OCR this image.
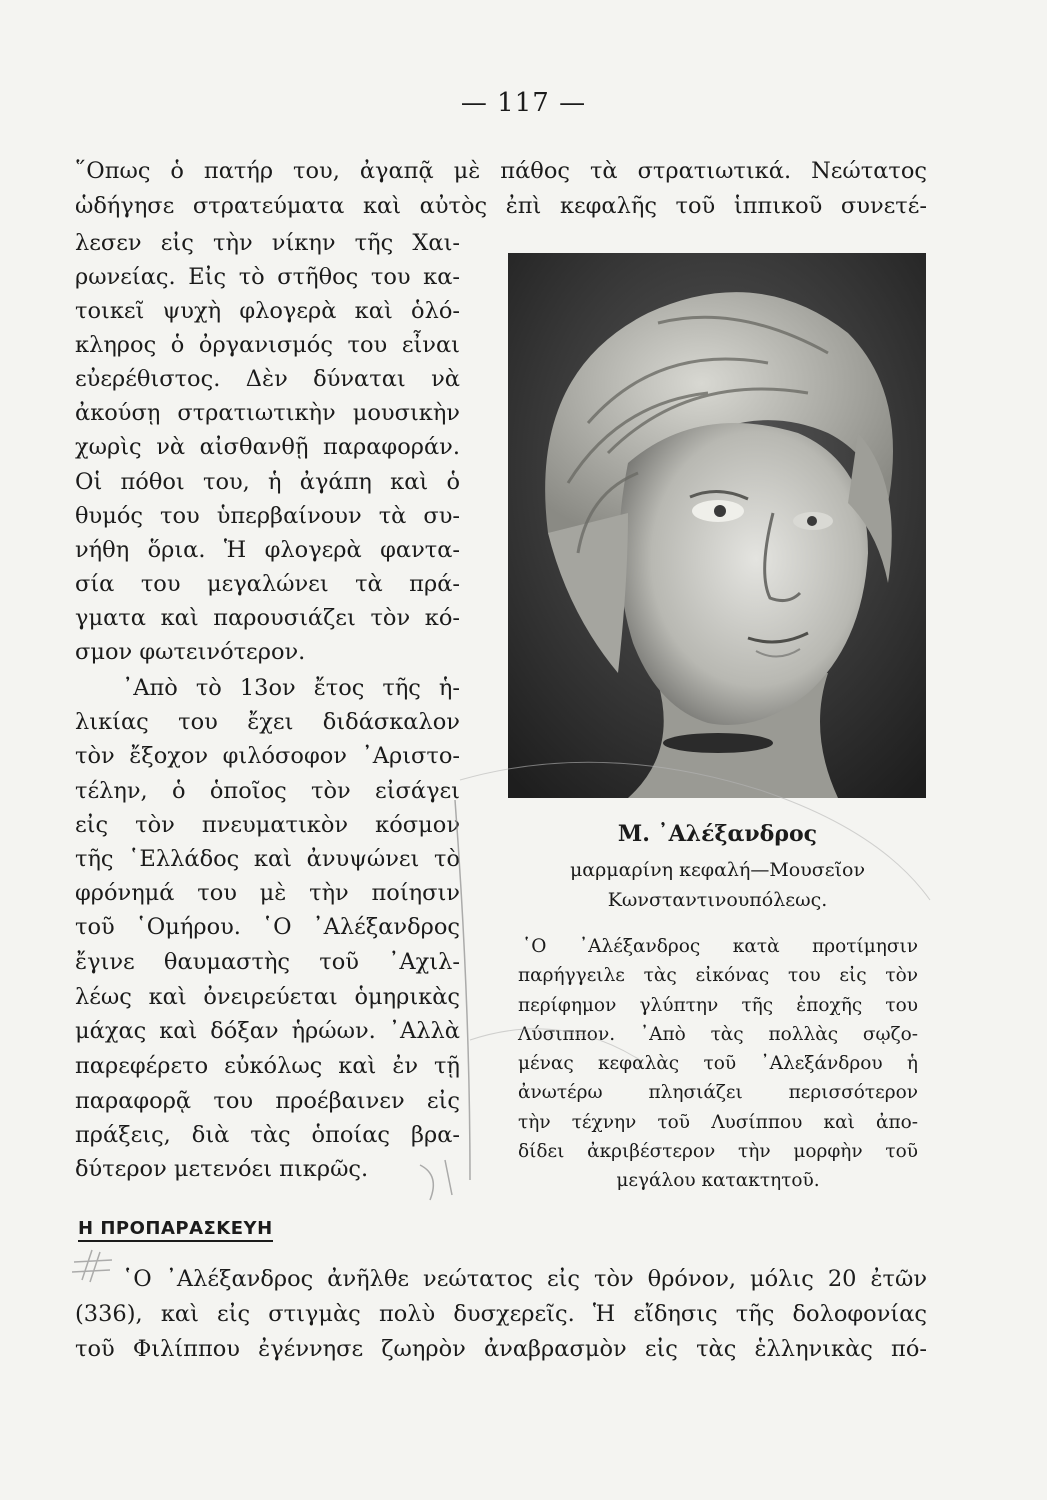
— 117 —
῞Οπως ὁ πατήρ του, ἀγαπᾷ μὲ πάθος τὰ στρατιωτικά. Νεώτατος
ὡδήγησε στρατεύματα καὶ αὐτὸς ἐπὶ κεφαλῆς τοῦ ἱππικοῦ συνετέ-
λεσεν εἰς τὴν νίκην τῆς Χαι-
ρωνείας. Εἰς τὸ στῆθος του κα-
τοικεῖ ψυχὴ φλογερὰ καὶ ὁλό-
κληρος ὁ ὀργανισμός του εἶναι
εὐερέθιστος. Δὲν δύναται νὰ
ἀκούσῃ στρατιωτικὴν μουσικὴν
χωρὶς νὰ αἰσθανθῇ παραφοράν.
Οἱ πόθοι του, ἡ ἀγάπη καὶ ὁ
θυμός του ὑπερβαίνουν τὰ συ-
νήθη ὅρια. Ἡ φλογερὰ φαντα-
σία του μεγαλώνει τὰ πρά-
γματα καὶ παρουσιάζει τὸν κό-
σμον φωτεινότερον.
᾿Απὸ τὸ 13ον ἔτος τῆς ἡ-
λικίας του ἔχει διδάσκαλον
τὸν ἔξοχον φιλόσοφον ᾿Αριστο-
τέλην, ὁ ὁποῖος τὸν εἰσάγει
εἰς τὸν πνευματικὸν κόσμον
τῆς ῾Ελλάδος καὶ ἀνυψώνει τὸ
φρόνημά του μὲ τὴν ποίησιν
τοῦ ῾Ομήρου. ῾Ο ᾿Αλέξανδρος
ἔγινε θαυμαστὴς τοῦ ᾿Αχιλ-
λέως καὶ ὀνειρεύεται ὁμηρικὰς
μάχας καὶ δόξαν ἡρώων. ᾿Αλλὰ
παρεφέρετο εὐκόλως καὶ ἐν τῇ
παραφορᾷ του προέβαινεν εἰς
πράξεις, διὰ τὰς ὁποίας βρα-
δύτερον μετενόει πικρῶς.
Μ. ᾿Αλέξανδρος
μαρμαρίνη κεφαλή—Μουσεῖον
Κωνσταντινουπόλεως.
῾Ο ᾿Αλέξανδρος κατὰ προτίμησιν
παρήγγειλε τὰς εἰκόνας του εἰς τὸν
περίφημον γλύπτην τῆς ἐποχῆς του
Λύσιππον. ᾿Απὸ τὰς πολλὰς σῳζο-
μένας κεφαλὰς τοῦ ᾿Αλεξάνδρου ἡ
ἀνωτέρω πλησιάζει περισσότερον
τὴν τέχνην τοῦ Λυσίππου καὶ ἀπο-
δίδει ἀκριβέστερον τὴν μορφὴν τοῦ
μεγάλου κατακτητοῦ.
Η ΠΡΟΠΑΡΑΣΚΕΥΗ
῾Ο ᾿Αλέξανδρος ἀνῆλθε νεώτατος εἰς τὸν θρόνον, μόλις 20 ἐτῶν
(336), καὶ εἰς στιγμὰς πολὺ δυσχερεῖς. Ἡ εἴδησις τῆς δολοφονίας
τοῦ Φιλίππου ἐγέννησε ζωηρὸν ἀναβρασμὸν εἰς τὰς ἑλληνικὰς πό-
